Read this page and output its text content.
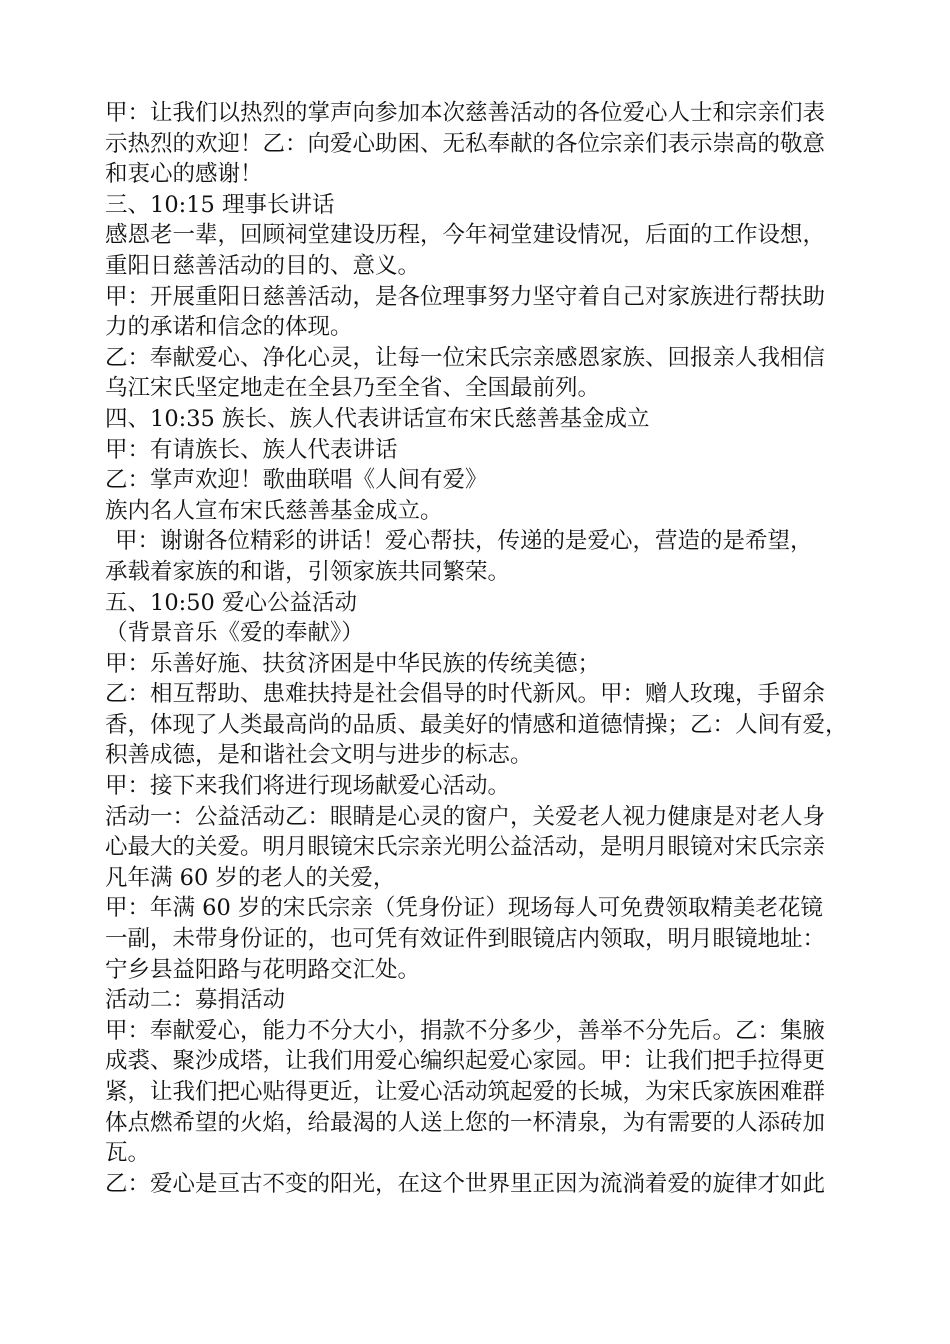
甲：让我们以热烈的掌声向参加本次慈善活动的各位爱心人士和宗亲们表
示热烈的欢迎！乙：向爱心助困、无私奉献的各位宗亲们表示崇高的敬意
和衷心的感谢！
三、10:15 理事长讲话
感恩老一辈，回顾祠堂建设历程，今年祠堂建设情况，后面的工作设想，
重阳日慈善活动的目的、意义。
甲：开展重阳日慈善活动，是各位理事努力坚守着自己对家族进行帮扶助
力的承诺和信念的体现。
乙：奉献爱心、净化心灵，让每一位宋氏宗亲感恩家族、回报亲人我相信
乌江宋氏坚定地走在全县乃至全省、全国最前列。
四、10:35 族长、族人代表讲话宣布宋氏慈善基金成立
甲：有请族长、族人代表讲话
乙：掌声欢迎！歌曲联唱《人间有爱》
族内名人宣布宋氏慈善基金成立。
甲：谢谢各位精彩的讲话！爱心帮扶，传递的是爱心，营造的是希望，
承载着家族的和谐，引领家族共同繁荣。
五、10:50 爱心公益活动
（背景音乐《爱的奉献》）
甲：乐善好施、扶贫济困是中华民族的传统美德；
乙：相互帮助、患难扶持是社会倡导的时代新风。甲：赠人玫瑰，手留余
香，体现了人类最高尚的品质、最美好的情感和道德情操；乙：人间有爱，
积善成德，是和谐社会文明与进步的标志。
甲：接下来我们将进行现场献爱心活动。
活动一：公益活动乙：眼睛是心灵的窗户，关爱老人视力健康是对老人身
心最大的关爱。明月眼镜宋氏宗亲光明公益活动，是明月眼镜对宋氏宗亲
凡年满 60 岁的老人的关爱，
甲：年满 60 岁的宋氏宗亲（凭身份证）现场每人可免费领取精美老花镜
一副，未带身份证的，也可凭有效证件到眼镜店内领取，明月眼镜地址：
宁乡县益阳路与花明路交汇处。
活动二：募捐活动
甲：奉献爱心，能力不分大小，捐款不分多少，善举不分先后。乙：集腋
成裘、聚沙成塔，让我们用爱心编织起爱心家园。甲：让我们把手拉得更
紧，让我们把心贴得更近，让爱心活动筑起爱的长城，为宋氏家族困难群
体点燃希望的火焰，给最渴的人送上您的一杯清泉，为有需要的人添砖加
瓦。
乙：爱心是亘古不变的阳光，在这个世界里正因为流淌着爱的旋律才如此
